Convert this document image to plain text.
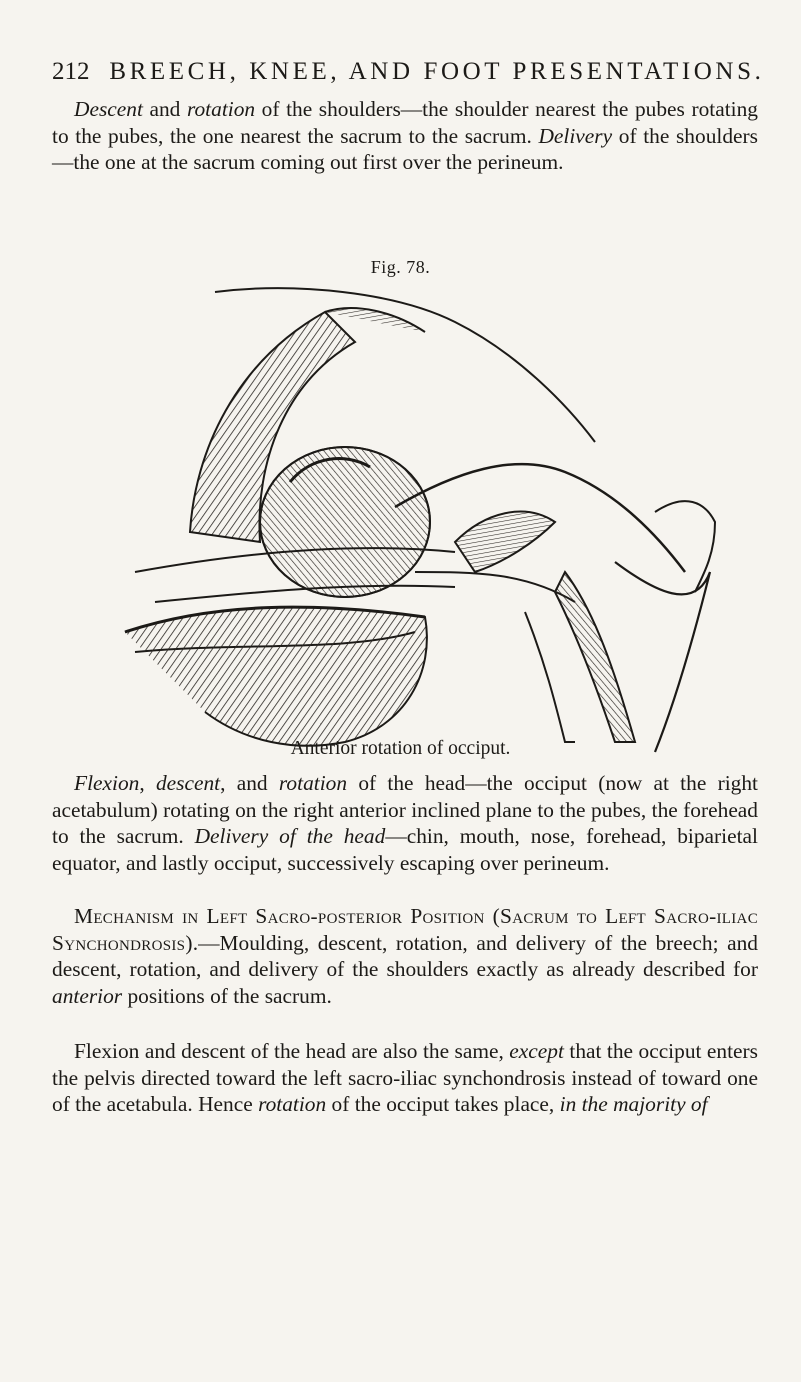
212 BREECH, KNEE, AND FOOT PRESENTATIONS.

Descent and rotation of the shoulders—the shoulder nearest the pubes rotating to the pubes, the one nearest the sacrum to the sacrum. Delivery of the shoulders—the one at the sacrum coming out first over the perineum.

Fig. 78.
Anterior rotation of occiput.

Flexion, descent, and rotation of the head—the occiput (now at the right acetabulum) rotating on the right anterior inclined plane to the pubes, the forehead to the sacrum. Delivery of the head—chin, mouth, nose, forehead, biparietal equator, and lastly occiput, successively escaping over perineum.

Mechanism in Left Sacro-posterior Position (Sacrum to Left Sacro-iliac Synchondrosis).—Moulding, descent, rotation, and delivery of the breech; and descent, rotation, and delivery of the shoulders exactly as already described for anterior positions of the sacrum.

Flexion and descent of the head are also the same, except that the occiput enters the pelvis directed toward the left sacro-iliac synchondrosis instead of toward one of the acetabula. Hence rotation of the occiput takes place, in the majority of
